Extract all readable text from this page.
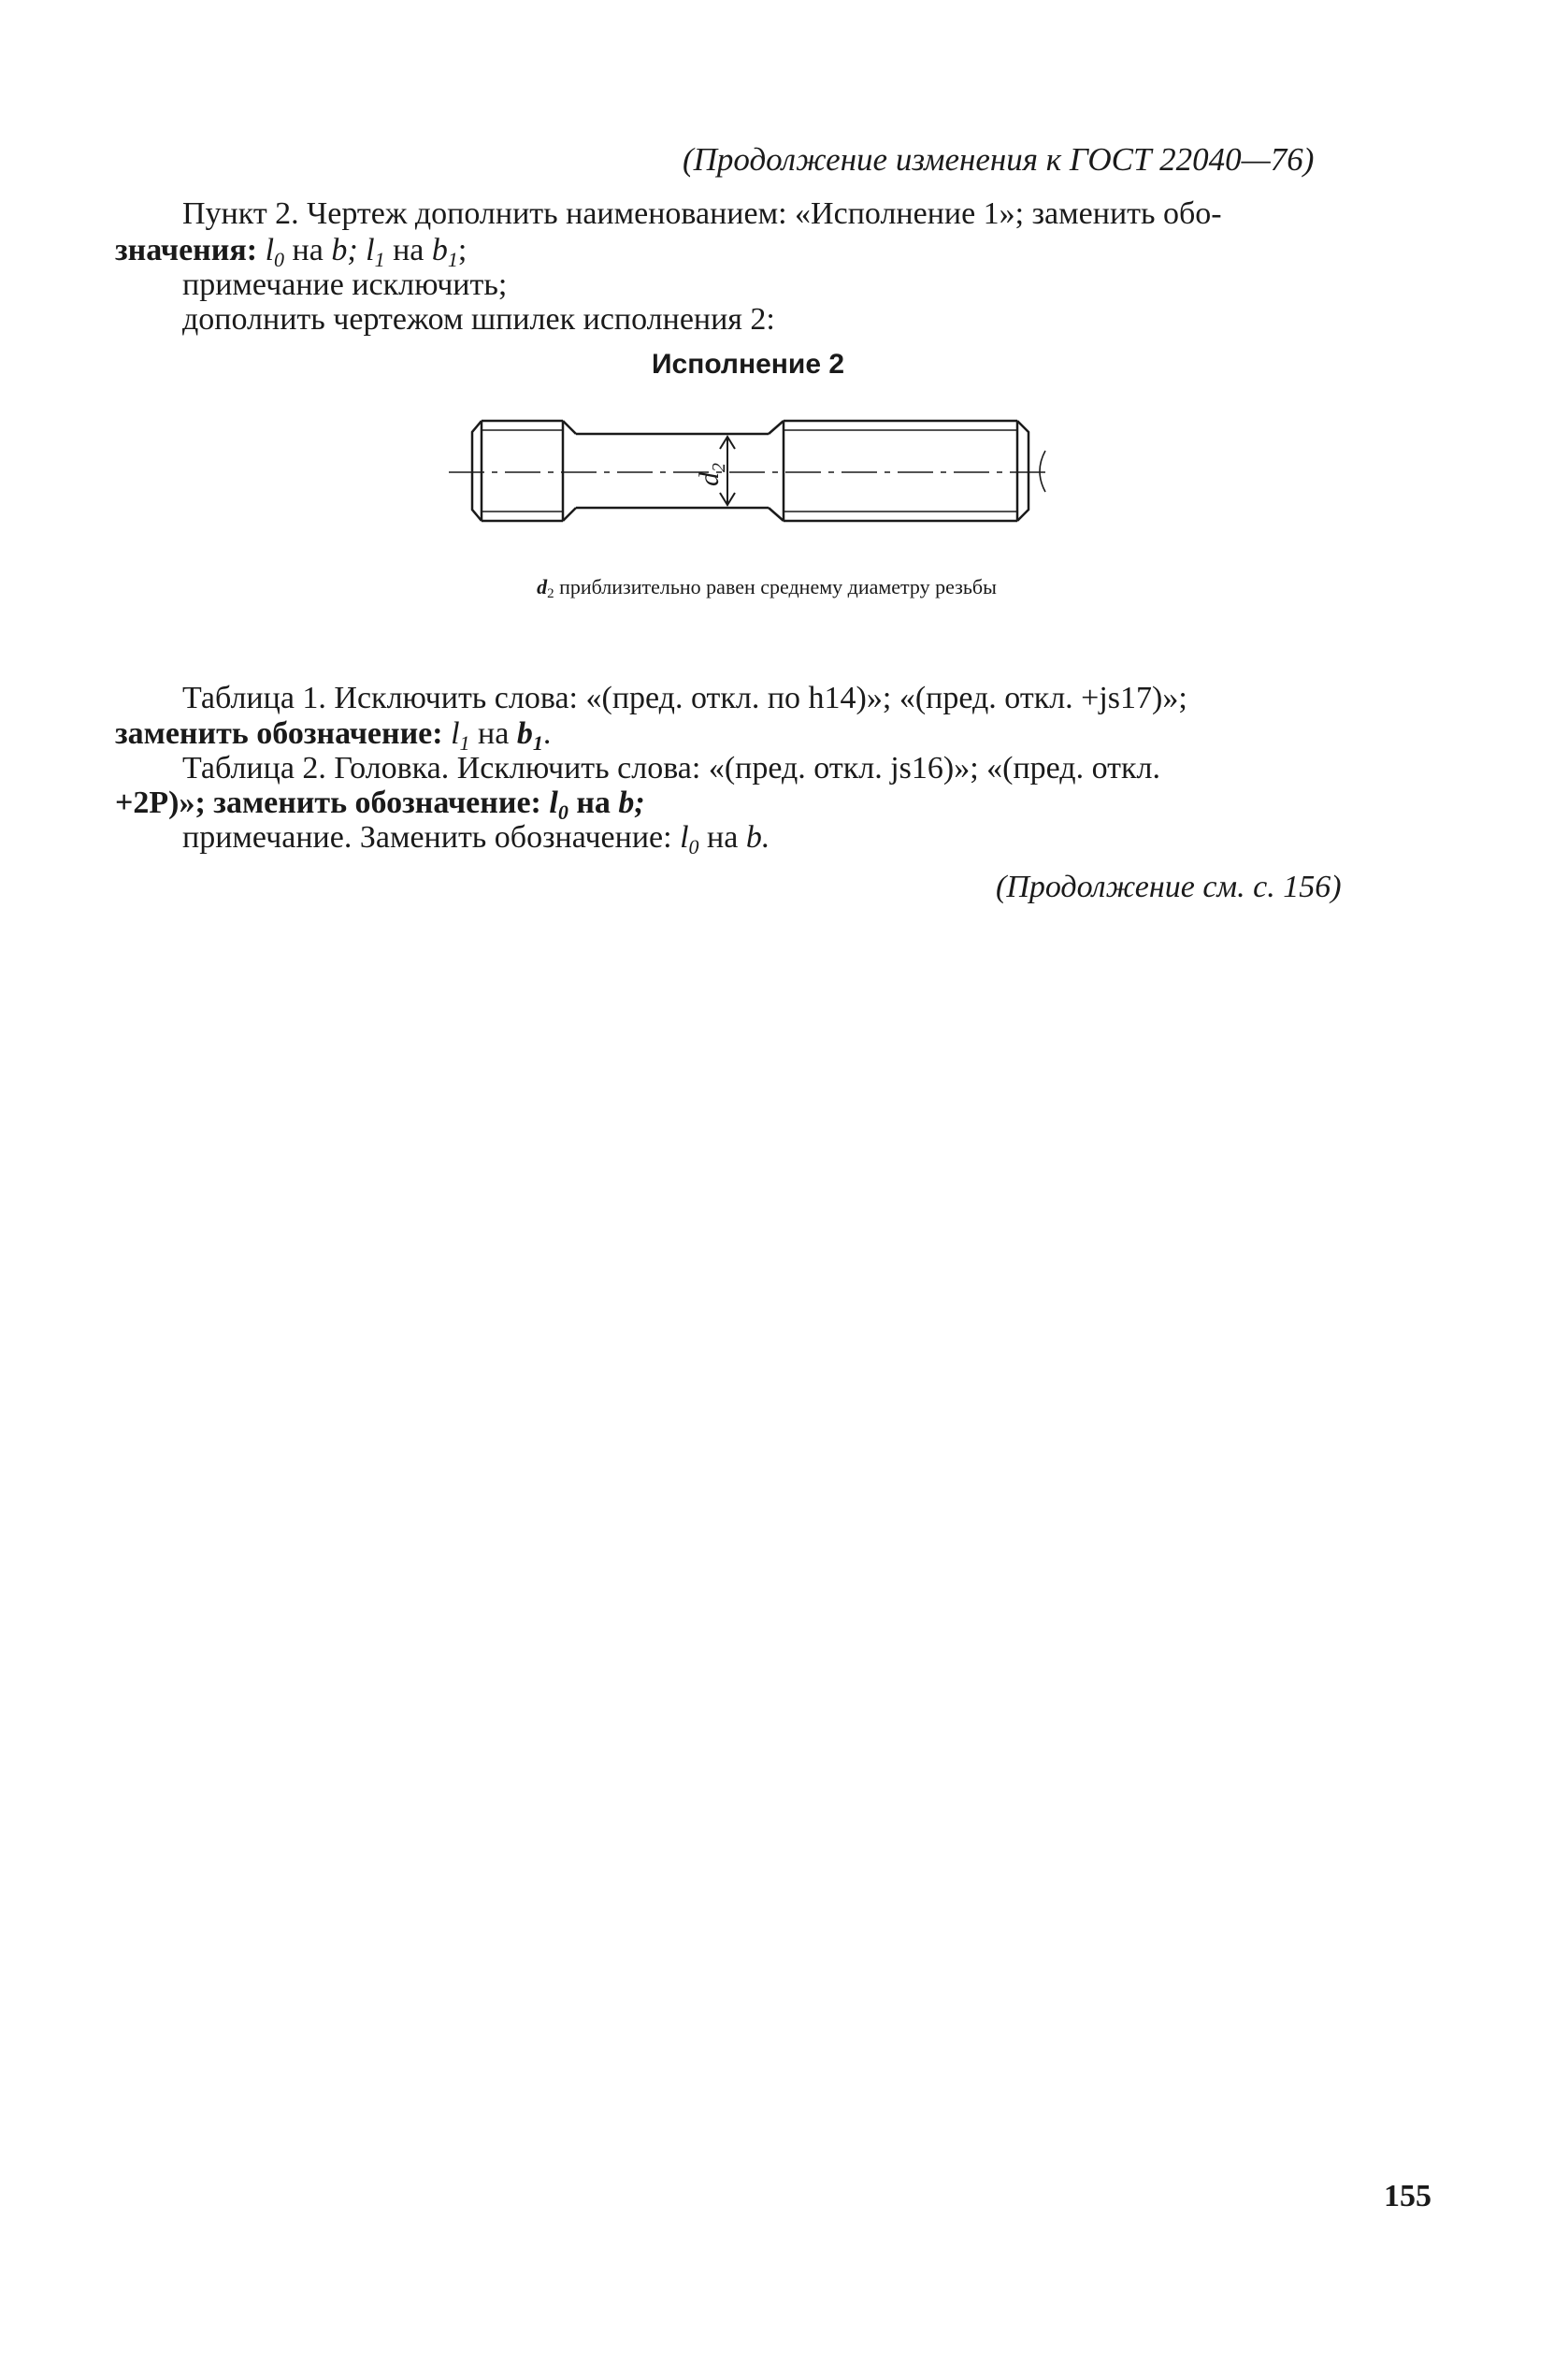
(Продолжение изменения к ГОСТ 22040—76)
Пункт 2. Чертеж дополнить наименованием: «Исполнение 1»; заменить обо-
значения: $l_0$ на b; $l_1$ на $b_1$;
примечание исключить;
дополнить чертежом шпилек исполнения 2:
Исполнение 2
$d_2$
$d_2$ приблизительно равен среднему диаметру резьбы
Таблица 1. Исключить слова: «(пред. откл. по h14)»; «(пред. откл. +js17)»;
заменить обозначение: $l_1$ на $b_1$.
Таблица 2. Головка. Исключить слова: «(пред. откл. js16)»; «(пред. откл.
+2P)»; заменить обозначение: $l_0$ на b;
примечание. Заменить обозначение: $l_0$ на b.
(Продолжение см. с. 156)
155
